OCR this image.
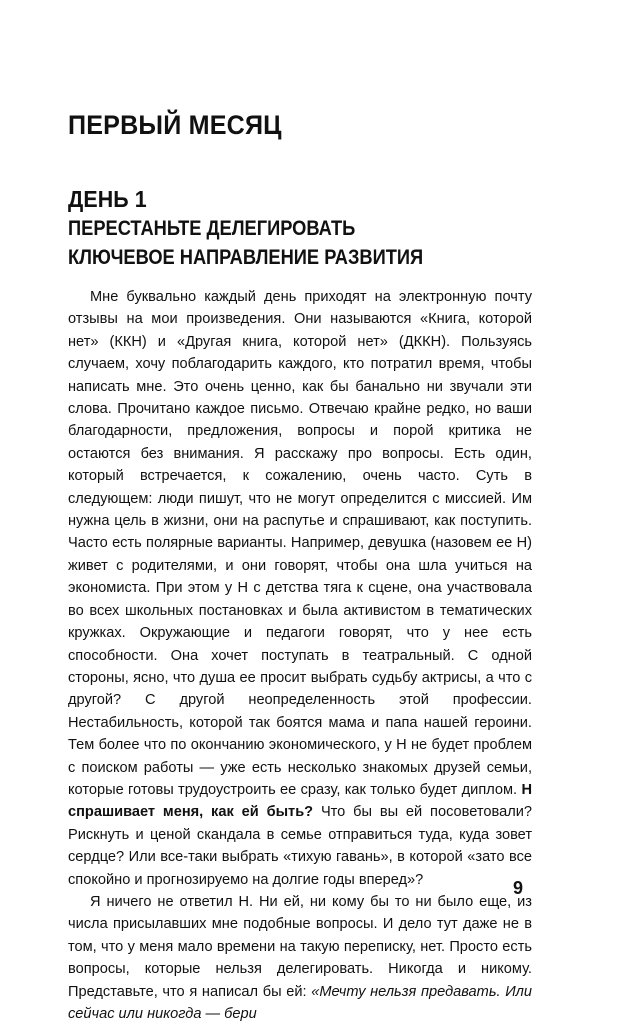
ПЕРВЫЙ МЕСЯЦ
ДЕНЬ 1
ПЕРЕСТАНЬТЕ ДЕЛЕГИРОВАТЬ
КЛЮЧЕВОЕ НАПРАВЛЕНИЕ РАЗВИТИЯ

Мне буквально каждый день приходят на электронную почту отзывы на мои произведения. Они называются «Книга, которой нет» (ККН) и «Другая книга, которой нет» (ДККН). Пользуясь случаем, хочу поблагодарить каждого, кто потратил время, чтобы написать мне. Это очень ценно, как бы банально ни звучали эти слова. Прочитано каждое письмо. Отвечаю крайне редко, но ваши благодарности, предложения, вопросы и порой критика не остаются без внимания. Я расскажу про вопросы. Есть один, который встречается, к сожалению, очень часто. Суть в следующем: люди пишут, что не могут определится с миссией. Им нужна цель в жизни, они на распутье и спрашивают, как поступить. Часто есть полярные варианты. Например, девушка (назовем ее Н) живет с родителями, и они говорят, чтобы она шла учиться на экономиста. При этом у Н с детства тяга к сцене, она участвовала во всех школьных постановках и была активистом в тематических кружках. Окружающие и педагоги говорят, что у нее есть способности. Она хочет поступать в театральный. С одной стороны, ясно, что душа ее просит выбрать судьбу актрисы, а что с другой? С другой неопределенность этой профессии. Нестабильность, которой так боятся мама и папа нашей героини. Тем более что по окончанию экономического, у Н не будет проблем с поиском работы — уже есть несколько знакомых друзей семьи, которые готовы трудоустроить ее сразу, как только будет диплом. Н спрашивает меня, как ей быть? Что бы вы ей посоветовали? Рискнуть и ценой скандала в семье отправиться туда, куда зовет сердце? Или все-таки выбрать «тихую гавань», в которой «зато все спокойно и прогнозируемо на долгие годы вперед»?

Я ничего не ответил Н. Ни ей, ни кому бы то ни было еще, из числа присылавших мне подобные вопросы. И дело тут даже не в том, что у меня мало времени на такую переписку, нет. Просто есть вопросы, которые нельзя делегировать. Никогда и никому. Представьте, что я написал бы ей: «Мечту нельзя предавать. Или сейчас или никогда — бери

9
